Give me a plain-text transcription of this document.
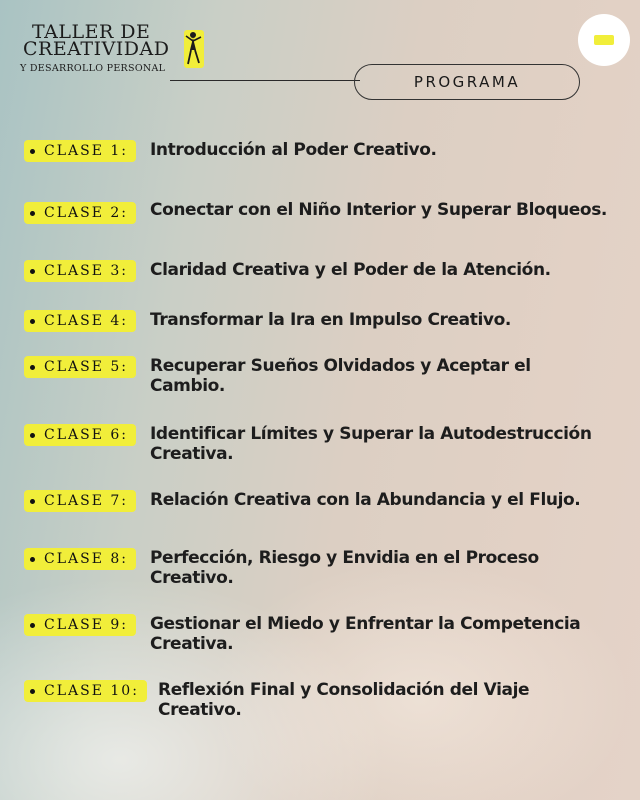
TALLER DE
CREATIVIDAD
Y DESARROLLO PERSONAL
PROGRAMA
CLASE 1: Introducción al Poder Creativo.
CLASE 2: Conectar con el Niño Interior y Superar Bloqueos.
CLASE 3: Claridad Creativa y el Poder de la Atención.
CLASE 4: Transformar la Ira en Impulso Creativo.
CLASE 5: Recuperar Sueños Olvidados y Aceptar el Cambio.
CLASE 6: Identificar Límites y Superar la Autodestrucción Creativa.
CLASE 7: Relación Creativa con la Abundancia y el Flujo.
CLASE 8: Perfección, Riesgo y Envidia en el Proceso Creativo.
CLASE 9: Gestionar el Miedo y Enfrentar la Competencia Creativa.
CLASE 10: Reflexión Final y Consolidación del Viaje Creativo.
